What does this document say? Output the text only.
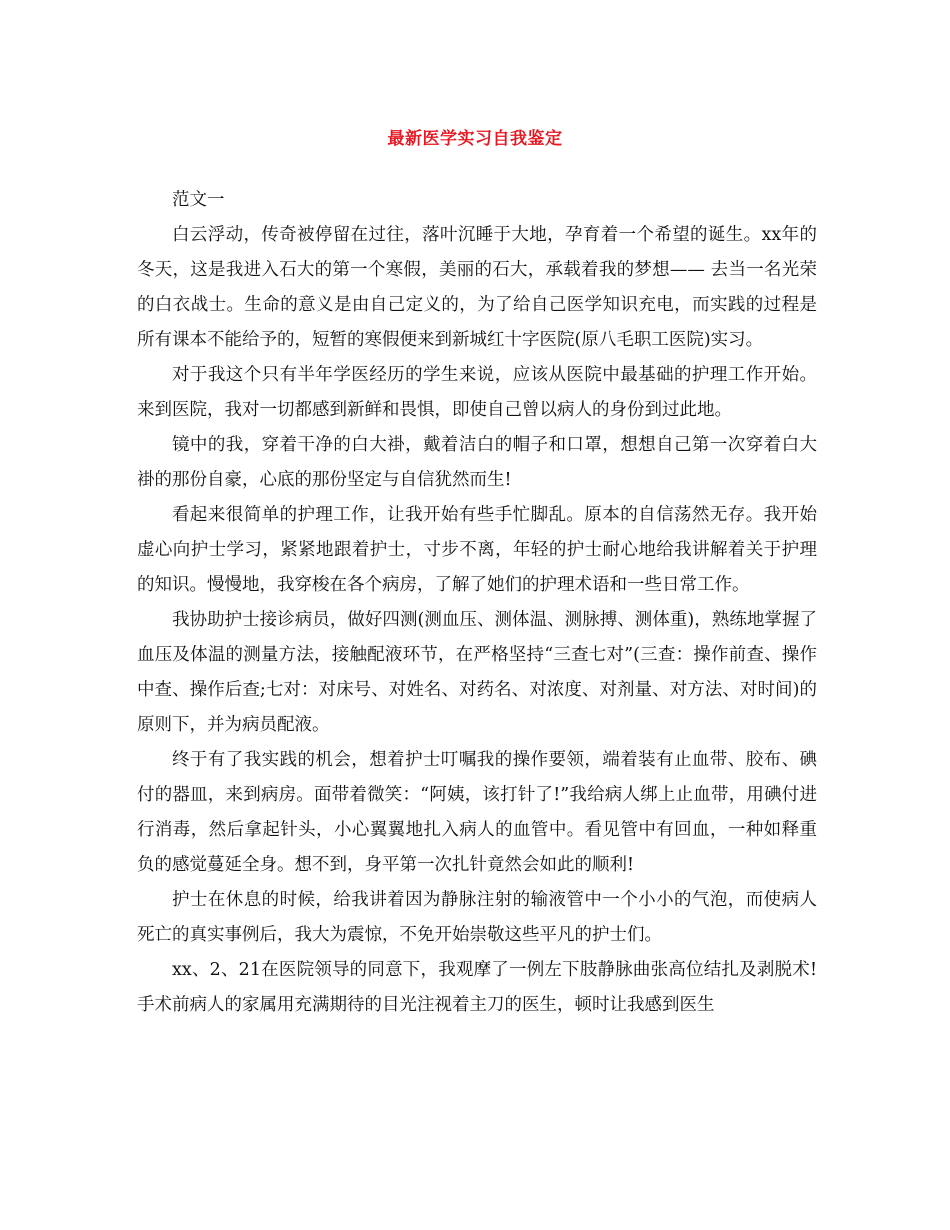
最新医学实习自我鉴定

范文一

白云浮动，传奇被停留在过往，落叶沉睡于大地，孕育着一个希望的诞生。xx年的冬天，这是我进入石大的第一个寒假，美丽的石大，承载着我的梦想—— 去当一名光荣的白衣战士。生命的意义是由自己定义的，为了给自己医学知识充电，而实践的过程是所有课本不能给予的，短暂的寒假便来到新城红十字医院(原八毛职工医院)实习。

对于我这个只有半年学医经历的学生来说，应该从医院中最基础的护理工作开始。来到医院，我对一切都感到新鲜和畏惧，即使自己曾以病人的身份到过此地。

镜中的我，穿着干净的白大褂，戴着洁白的帽子和口罩，想想自己第一次穿着白大褂的那份自豪，心底的那份坚定与自信犹然而生!

看起来很简单的护理工作，让我开始有些手忙脚乱。原本的自信荡然无存。我开始虚心向护士学习，紧紧地跟着护士，寸步不离，年轻的护士耐心地给我讲解着关于护理的知识。慢慢地，我穿梭在各个病房，了解了她们的护理术语和一些日常工作。

我协助护士接诊病员，做好四测(测血压、测体温、测脉搏、测体重)，熟练地掌握了血压及体温的测量方法，接触配液环节，在严格坚持“三查七对”(三查：操作前查、操作中查、操作后查;七对：对床号、对姓名、对药名、对浓度、对剂量、对方法、对时间)的原则下，并为病员配液。

终于有了我实践的机会，想着护士叮嘱我的操作要领，端着装有止血带、胶布、碘付的器皿，来到病房。面带着微笑：“阿姨，该打针了!”我给病人绑上止血带，用碘付进行消毒，然后拿起针头，小心翼翼地扎入病人的血管中。看见管中有回血，一种如释重负的感觉蔓延全身。想不到，身平第一次扎针竟然会如此的顺利!

护士在休息的时候，给我讲着因为静脉注射的输液管中一个小小的气泡，而使病人死亡的真实事例后，我大为震惊，不免开始崇敬这些平凡的护士们。

xx、2、21在医院领导的同意下，我观摩了一例左下肢静脉曲张高位结扎及剥脱术!手术前病人的家属用充满期待的目光注视着主刀的医生，顿时让我感到医生
